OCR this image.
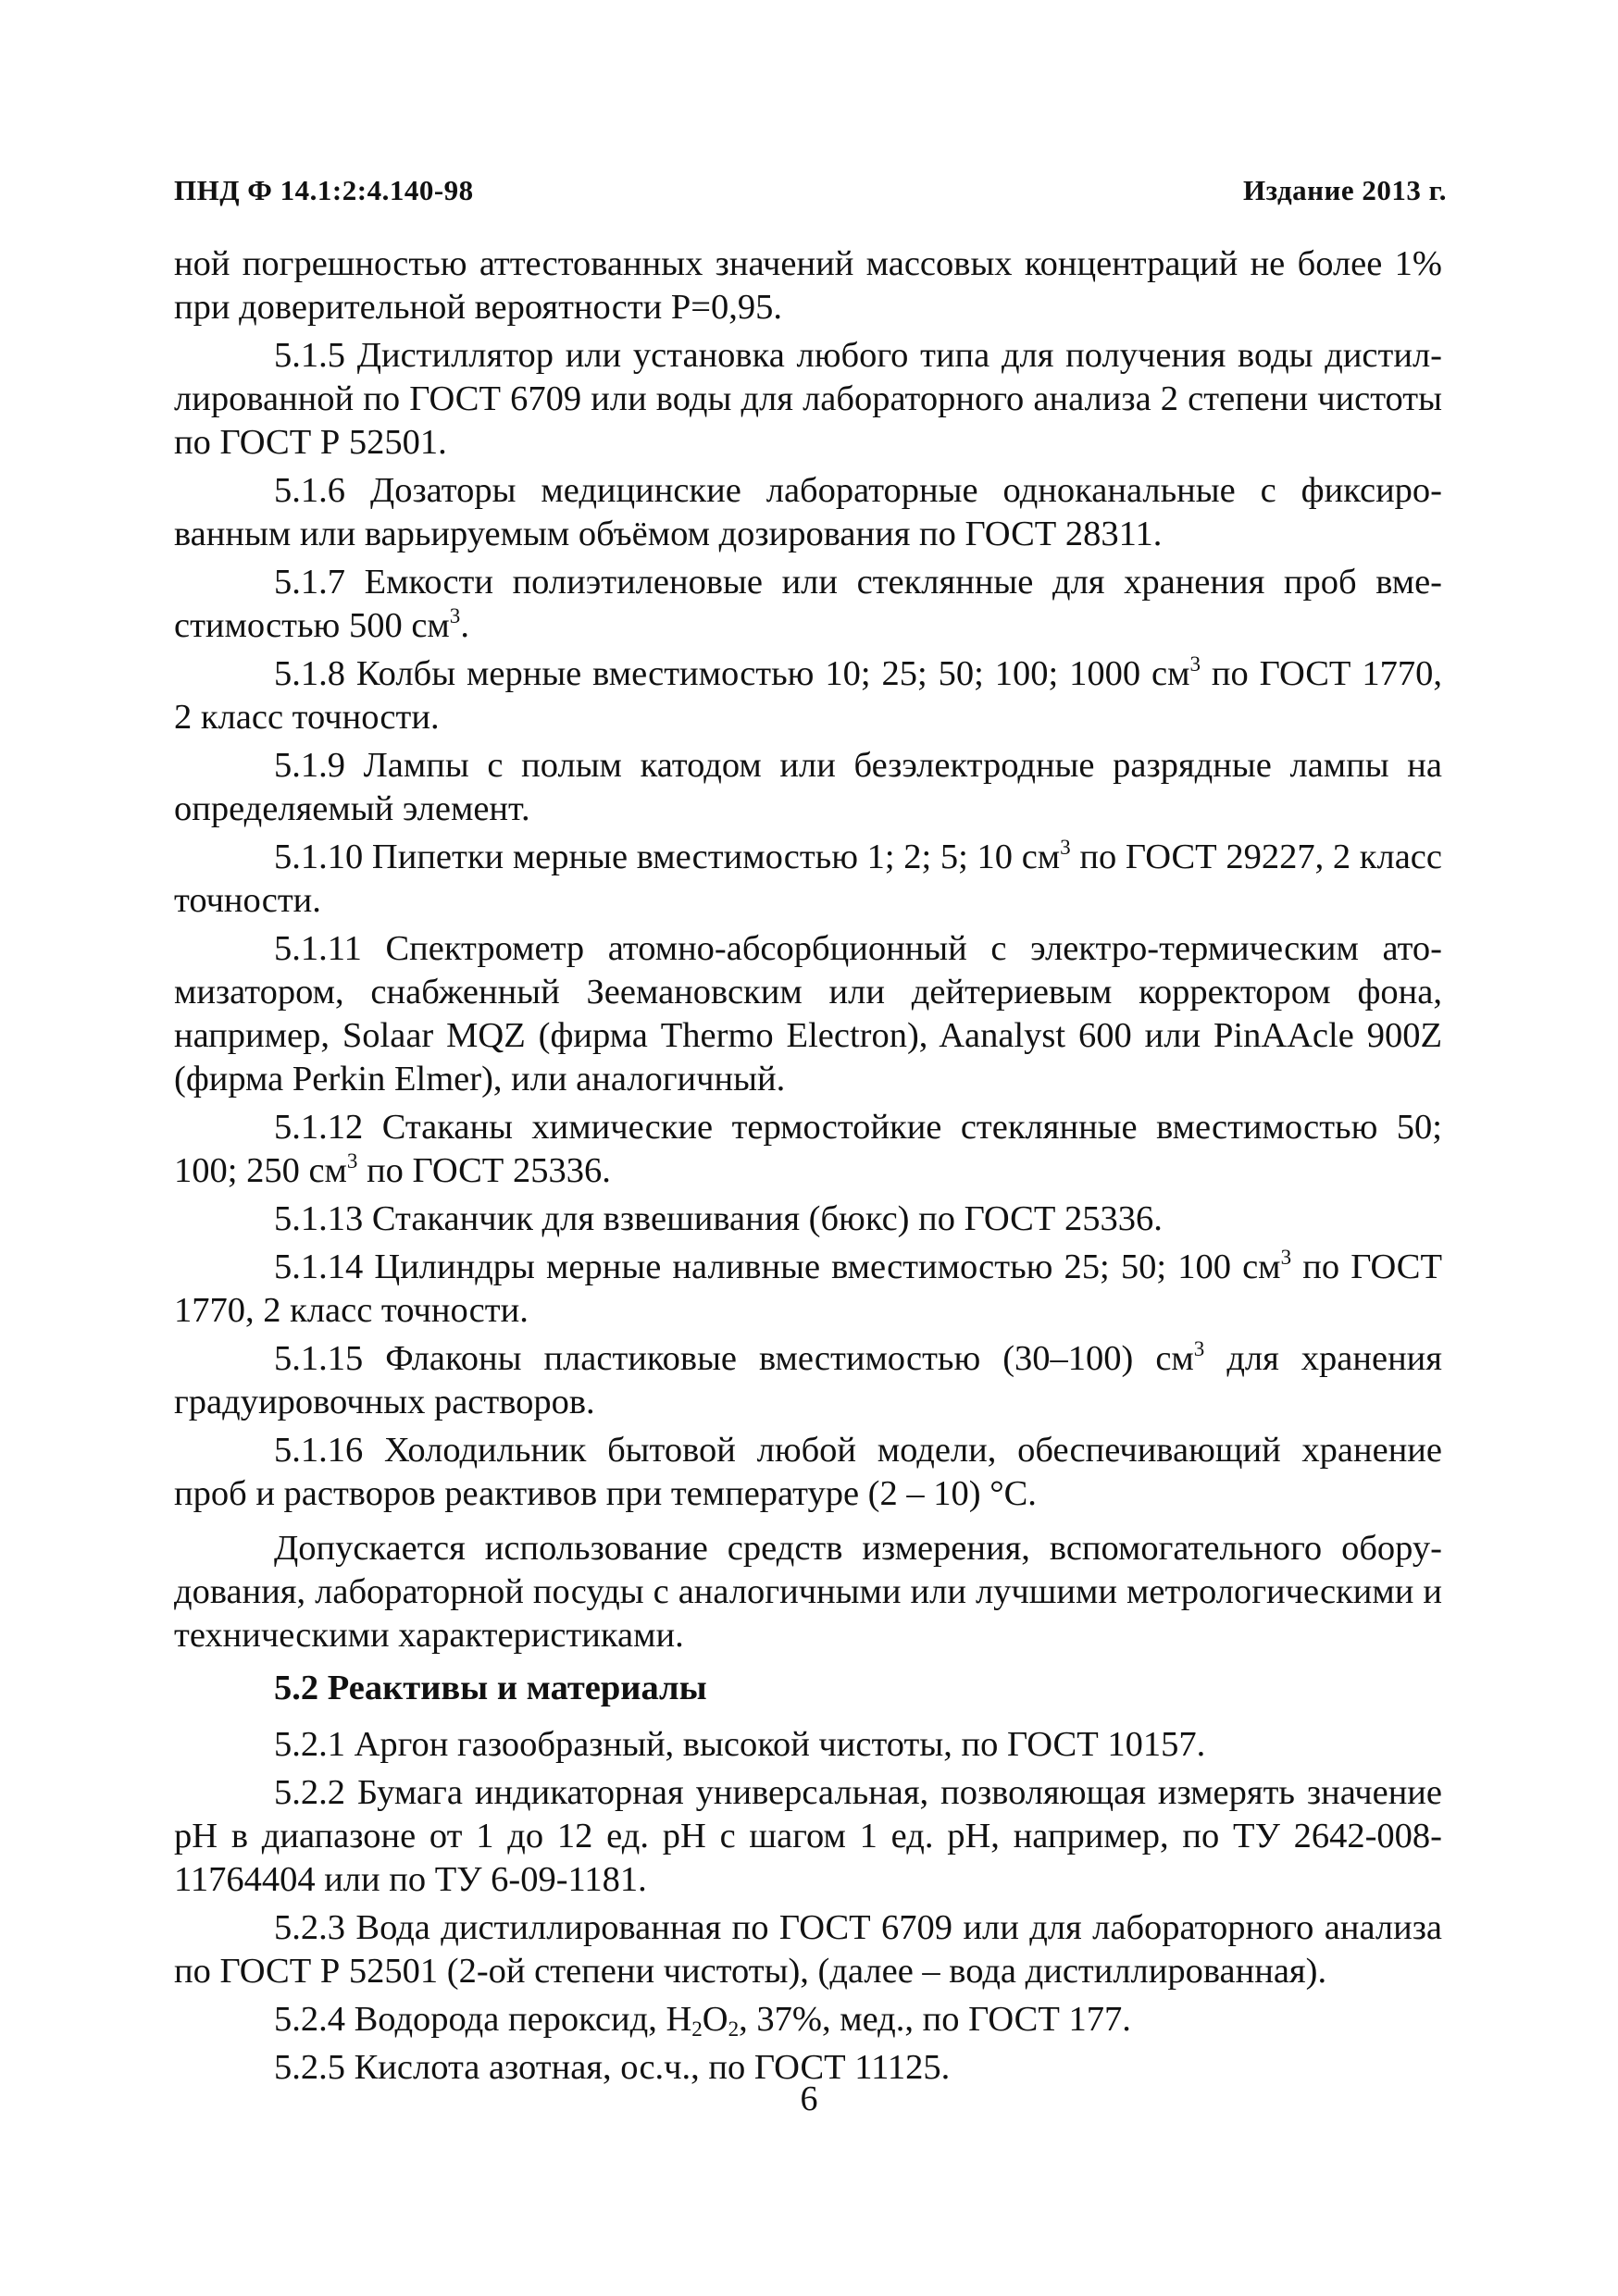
ПНД Ф 14.1:2:4.140-98	Издание 2013 г.

ной погрешностью аттестованных значений массовых концентраций не более 1% при доверительной вероятности P=0,95.

5.1.5 Дистиллятор или установка любого типа для получения воды дистиллированной по ГОСТ 6709 или воды для лабораторного анализа 2 степени чистоты по ГОСТ Р 52501.

5.1.6 Дозаторы медицинские лабораторные одноканальные с фиксированным или варьируемым объёмом дозирования по ГОСТ 28311.

5.1.7 Емкости полиэтиленовые или стеклянные для хранения проб вместимостью 500 $см^3$.

5.1.8 Колбы мерные вместимостью 10; 25; 50; 100; 1000 $см^3$ по ГОСТ 1770, 2 класс точности.

5.1.9 Лампы с полым катодом или безэлектродные разрядные лампы на определяемый элемент.

5.1.10 Пипетки мерные вместимостью 1; 2; 5; 10 $см^3$ по ГОСТ 29227, 2 класс точности.

5.1.11 Спектрометр атомно-абсорбционный с электро-термическим атомизатором, снабженный Зеемановским или дейтериевым корректором фона, например, Solaar MQZ (фирма Thermo Electron), Aanalyst 600 или PinAAcle 900Z (фирма Perkin Elmer), или аналогичный.

5.1.12 Стаканы химические термостойкие стеклянные вместимостью 50; 100; 250 $см^3$ по ГОСТ 25336.

5.1.13 Стаканчик для взвешивания (бюкс) по ГОСТ 25336.

5.1.14 Цилиндры мерные наливные вместимостью 25; 50; 100 $см^3$ по ГОСТ 1770, 2 класс точности.

5.1.15 Флаконы пластиковые вместимостью (30–100) $см^3$ для хранения градуировочных растворов.

5.1.16 Холодильник бытовой любой модели, обеспечивающий хранение проб и растворов реактивов при температуре (2 – 10) °С.

Допускается использование средств измерения, вспомогательного оборудования, лабораторной посуды с аналогичными или лучшими метрологическими и техническими характеристиками.

5.2 Реактивы и материалы

5.2.1 Аргон газообразный, высокой чистоты, по ГОСТ 10157.

5.2.2 Бумага индикаторная универсальная, позволяющая измерять значение pH в диапазоне от 1 до 12 ед. pH с шагом 1 ед. pH, например, по ТУ 2642-008-11764404 или по ТУ 6-09-1181.

5.2.3 Вода дистиллированная по ГОСТ 6709 или для лабораторного анализа по ГОСТ Р 52501 (2-ой степени чистоты), (далее – вода дистиллированная).

5.2.4 Водорода пероксид, $H_2O_2$, 37%, мед., по ГОСТ 177.

5.2.5 Кислота азотная, ос.ч., по ГОСТ 11125.

6
